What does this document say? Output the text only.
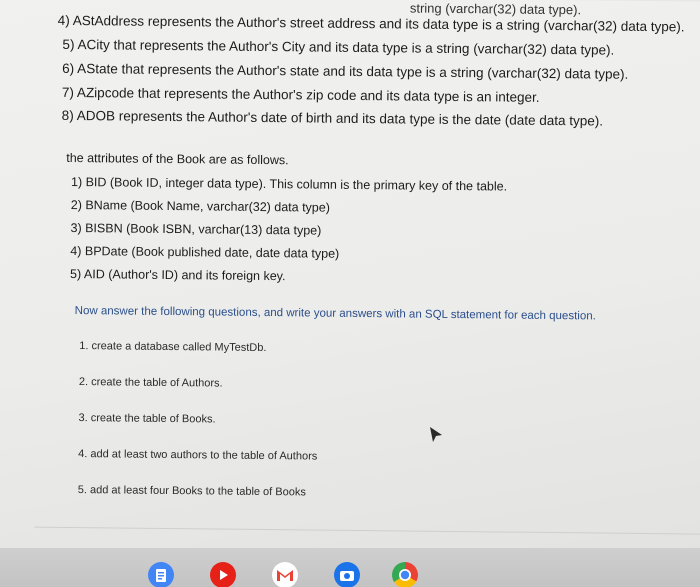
string (varchar(32) data type).
4) AStAddress represents the Author's street address and its data type is a string (varchar(32) data type).
5) ACity that represents the Author's City and its data type is a string (varchar(32) data type).
6) AState that represents the Author's state and its data type is a string (varchar(32) data type).
7) AZipcode that represents the Author's zip code and its data type is an integer.
8) ADOB represents the Author's date of birth and its data type is the date (date data type).
the attributes of the Book are as follows.
1) BID (Book ID, integer data type). This column is the primary key of the table.
2) BName (Book Name, varchar(32) data type)
3) BISBN (Book ISBN, varchar(13) data type)
4) BPDate (Book published date, date data type)
5) AID (Author's ID) and its foreign key.
Now answer the following questions, and write your answers with an SQL statement for each question.
1. create a database called MyTestDb.
2. create the table of Authors.
3. create the table of Books.
4. add at least two authors to the table of Authors
5. add at least four Books to the table of Books
